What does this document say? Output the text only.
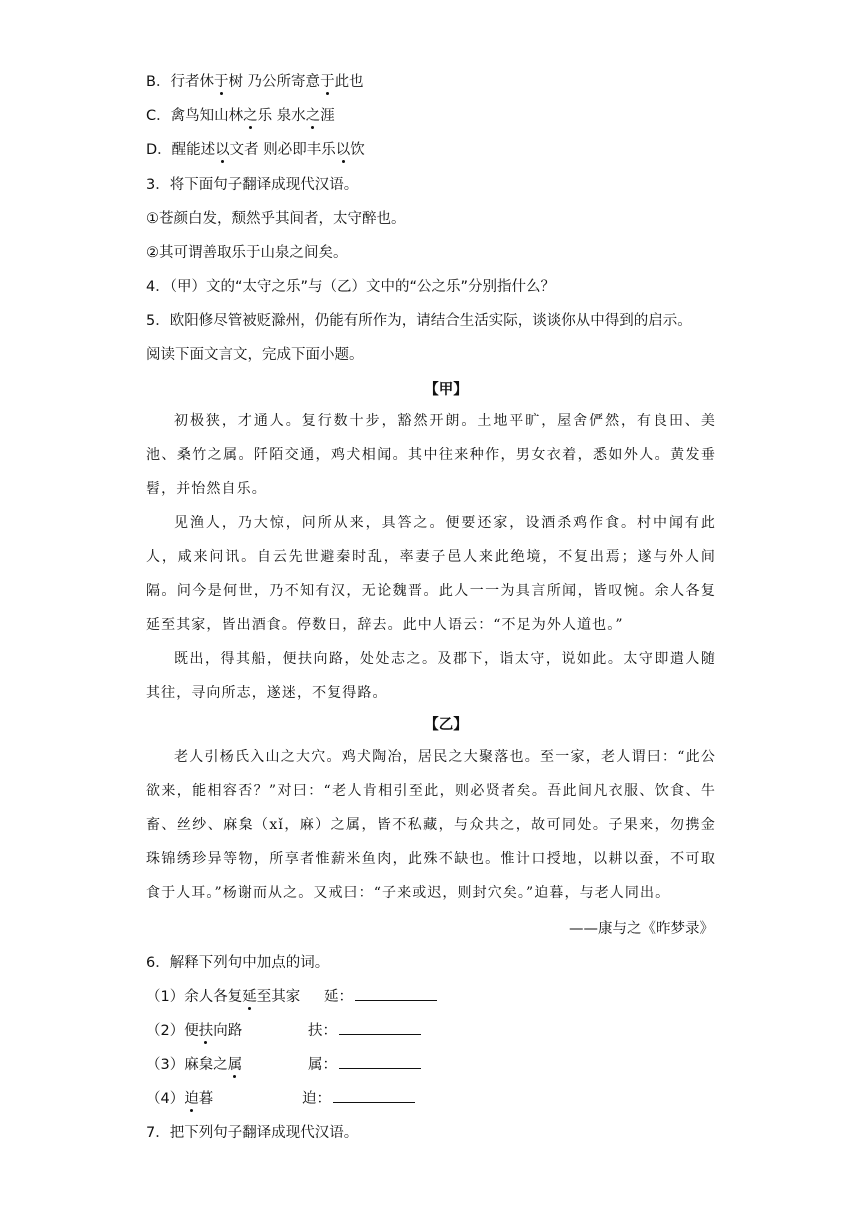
B．行者休于树 乃公所寄意于此也
C．禽鸟知山林之乐 泉水之涯
D．醒能述以文者 则必即丰乐以饮
3．将下面句子翻译成现代汉语。
①苍颜白发，颓然乎其间者，太守醉也。
②其可谓善取乐于山泉之间矣。
4．（甲）文的“太守之乐”与（乙）文中的“公之乐”分别指什么？
5．欧阳修尽管被贬滁州，仍能有所作为，请结合生活实际，谈谈你从中得到的启示。
阅读下面文言文，完成下面小题。
【甲】
初极狭，才通人。复行数十步，豁然开朗。土地平旷，屋舍俨然，有良田、美池、桑竹之属。阡陌交通，鸡犬相闻。其中往来种作，男女衣着，悉如外人。黄发垂髫，并怡然自乐。
见渔人，乃大惊，问所从来，具答之。便要还家，设酒杀鸡作食。村中闻有此人，咸来问讯。自云先世避秦时乱，率妻子邑人来此绝境，不复出焉；遂与外人间隔。问今是何世，乃不知有汉，无论魏晋。此人一一为具言所闻，皆叹惋。余人各复延至其家，皆出酒食。停数日，辞去。此中人语云：“不足为外人道也。”
既出，得其船，便扶向路，处处志之。及郡下，诣太守，说如此。太守即遣人随其往，寻向所志，遂迷，不复得路。
【乙】
老人引杨氏入山之大穴。鸡犬陶冶，居民之大聚落也。至一家，老人谓曰：“此公欲来，能相容否？”对曰：“老人肯相引至此，则必贤者矣。吾此间凡衣服、饮食、牛畜、丝纱、麻枲（xǐ，麻）之属，皆不私藏，与众共之，故可同处。子果来，勿携金珠锦绣珍异等物，所享者惟薪米鱼肉，此殊不缺也。惟计口授地，以耕以蚕，不可取食于人耳。”杨谢而从之。又戒曰：“子来或迟，则封穴矣。”迫暮，与老人同出。
——康与之《昨梦录》
6．解释下列句中加点的词。
（1）余人各复延至其家 延：
（2）便扶向路	扶：
（3）麻枲之属	属：
（4）迫暮	迫：
7．把下列句子翻译成现代汉语。
